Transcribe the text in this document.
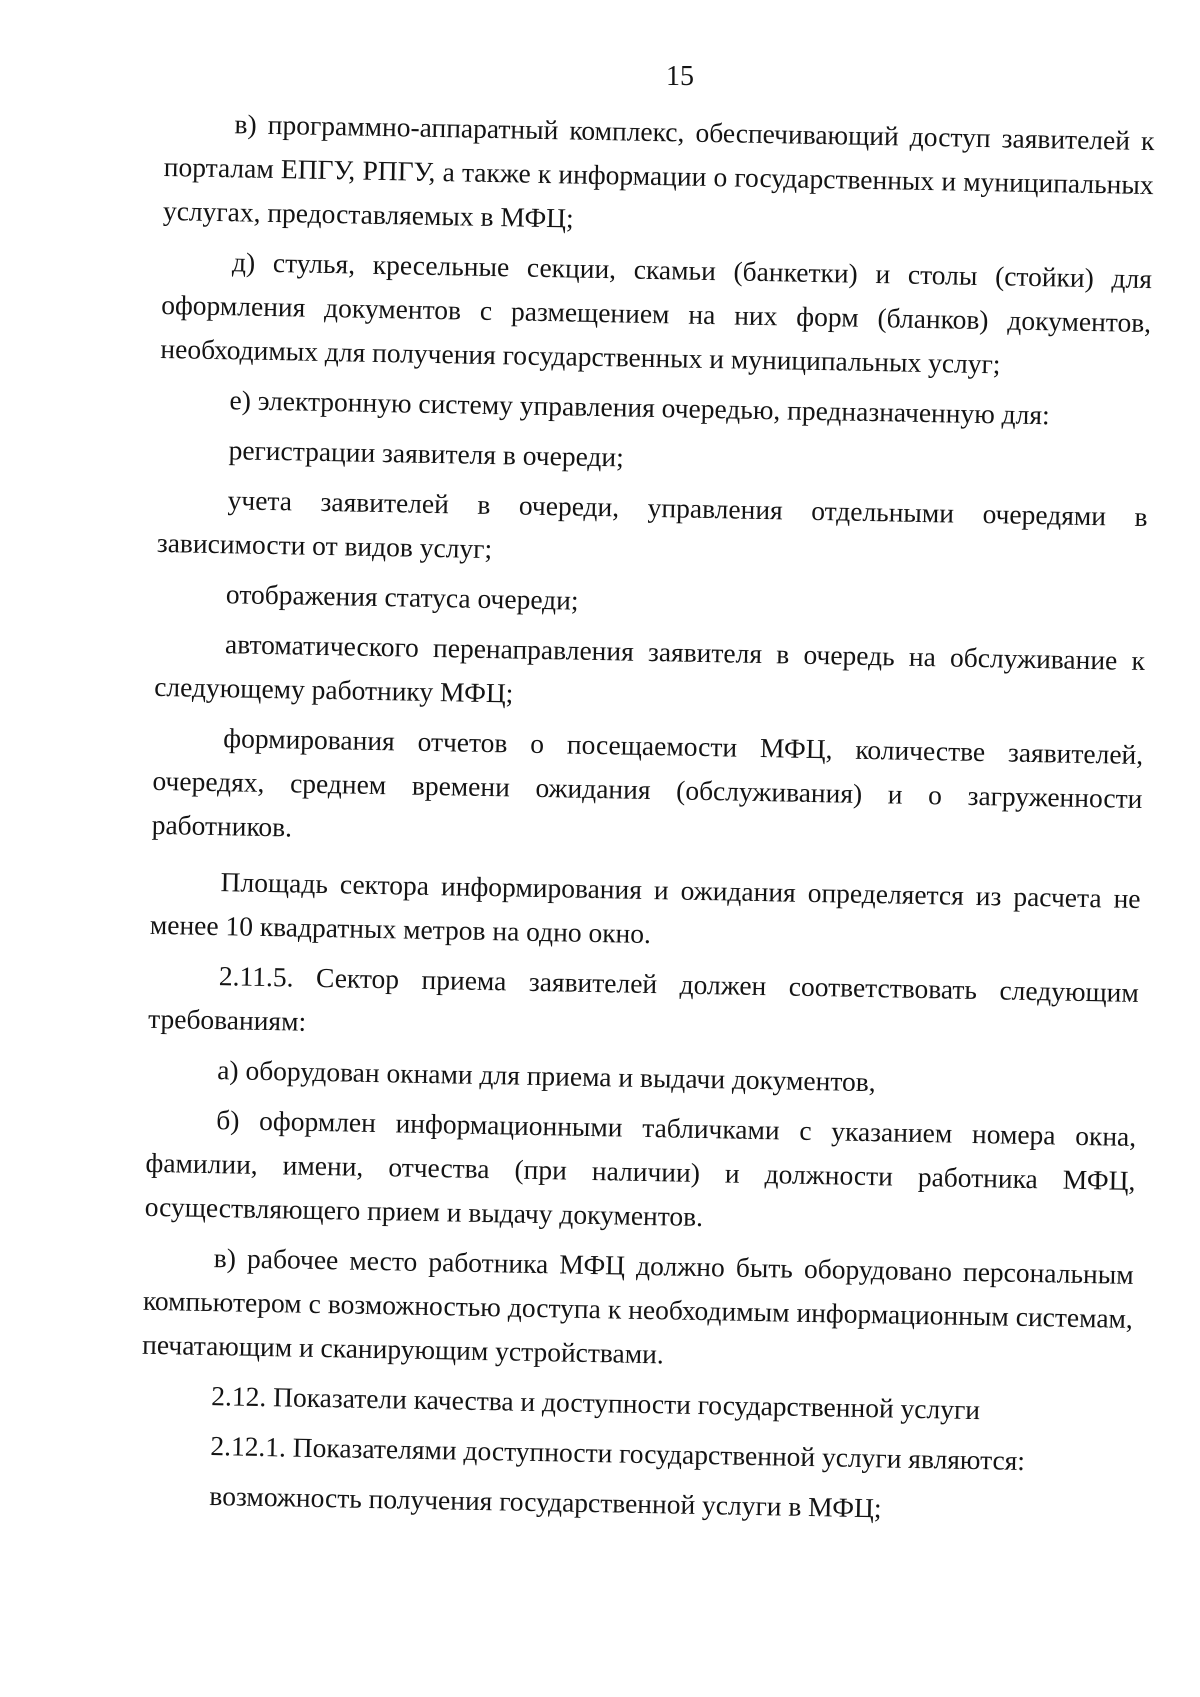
15

в) программно-аппаратный комплекс, обеспечивающий доступ заявителей к порталам ЕПГУ, РПГУ, а также к информации о государственных и муниципальных услугах, предоставляемых в МФЦ;

д) стулья, кресельные секции, скамьи (банкетки) и столы (стойки) для оформления документов с размещением на них форм (бланков) документов, необходимых для получения государственных и муниципальных услуг;

е) электронную систему управления очередью, предназначенную для:

регистрации заявителя в очереди;

учета заявителей в очереди, управления отдельными очередями в зависимости от видов услуг;

отображения статуса очереди;

автоматического перенаправления заявителя в очередь на обслуживание к следующему работнику МФЦ;

формирования отчетов о посещаемости МФЦ, количестве заявителей, очередях, среднем времени ожидания (обслуживания) и о загруженности работников.

Площадь сектора информирования и ожидания определяется из расчета не менее 10 квадратных метров на одно окно.

2.11.5. Сектор приема заявителей должен соответствовать следующим требованиям:

а) оборудован окнами для приема и выдачи документов,

б) оформлен информационными табличками с указанием номера окна, фамилии, имени, отчества (при наличии) и должности работника МФЦ, осуществляющего прием и выдачу документов.

в) рабочее место работника МФЦ должно быть оборудовано персональным компьютером с возможностью доступа к необходимым информационным системам, печатающим и сканирующим устройствами.

2.12. Показатели качества и доступности государственной услуги

2.12.1. Показателями доступности государственной услуги являются:

возможность получения государственной услуги в МФЦ;
